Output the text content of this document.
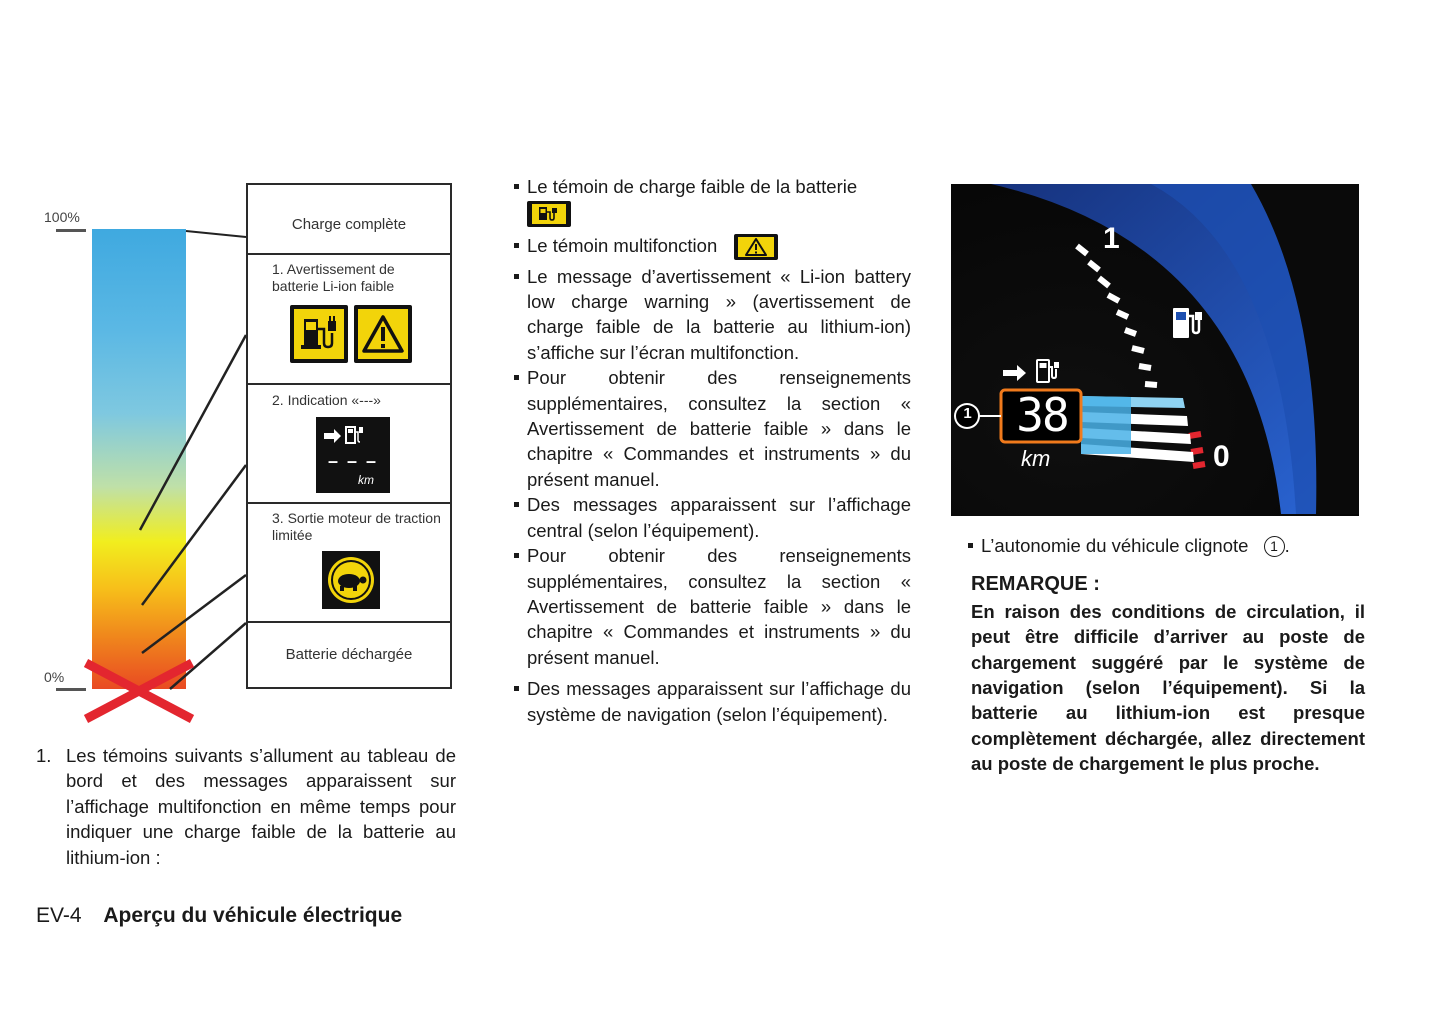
100%
0%
Charge complète
1. Avertissement de batterie Li-ion faible
2. Indication «---»
– – –
km
3. Sortie moteur de traction limitée
Batterie déchargée
1. Les témoins suivants s’allument au tableau de bord et des messages apparaissent sur l’affichage multifonction en même temps pour indiquer une charge faible de la batterie au lithium-ion :

Le témoin de charge faible de la batterie

Le témoin multifonction
Le message d’avertissement « Li-ion battery low charge warning » (avertissement de charge faible de la batterie au lithium-ion) s’affiche sur l’écran multifonction.
Pour obtenir des renseignements supplémentaires, consultez la section « Avertissement de batterie faible » dans le chapitre « Commandes et instruments » du présent manuel.
Des messages apparaissent sur l’affichage central (selon l’équipement).
Pour obtenir des renseignements supplémentaires, consultez la section « Avertissement de batterie faible » dans le chapitre « Commandes et instruments » du présent manuel.
Des messages apparaissent sur l’affichage du système de navigation (selon l’équipement).
1
0
38
km
1
L’autonomie du véhicule clignote 1 .
REMARQUE :

En raison des conditions de circulation, il peut être difficile d’arriver au poste de chargement suggéré par le système de navigation (selon l’équipement). Si la batterie au lithium-ion est presque complètement déchargée, allez directement au poste de chargement le plus proche.

EV-4 Aperçu du véhicule électrique
